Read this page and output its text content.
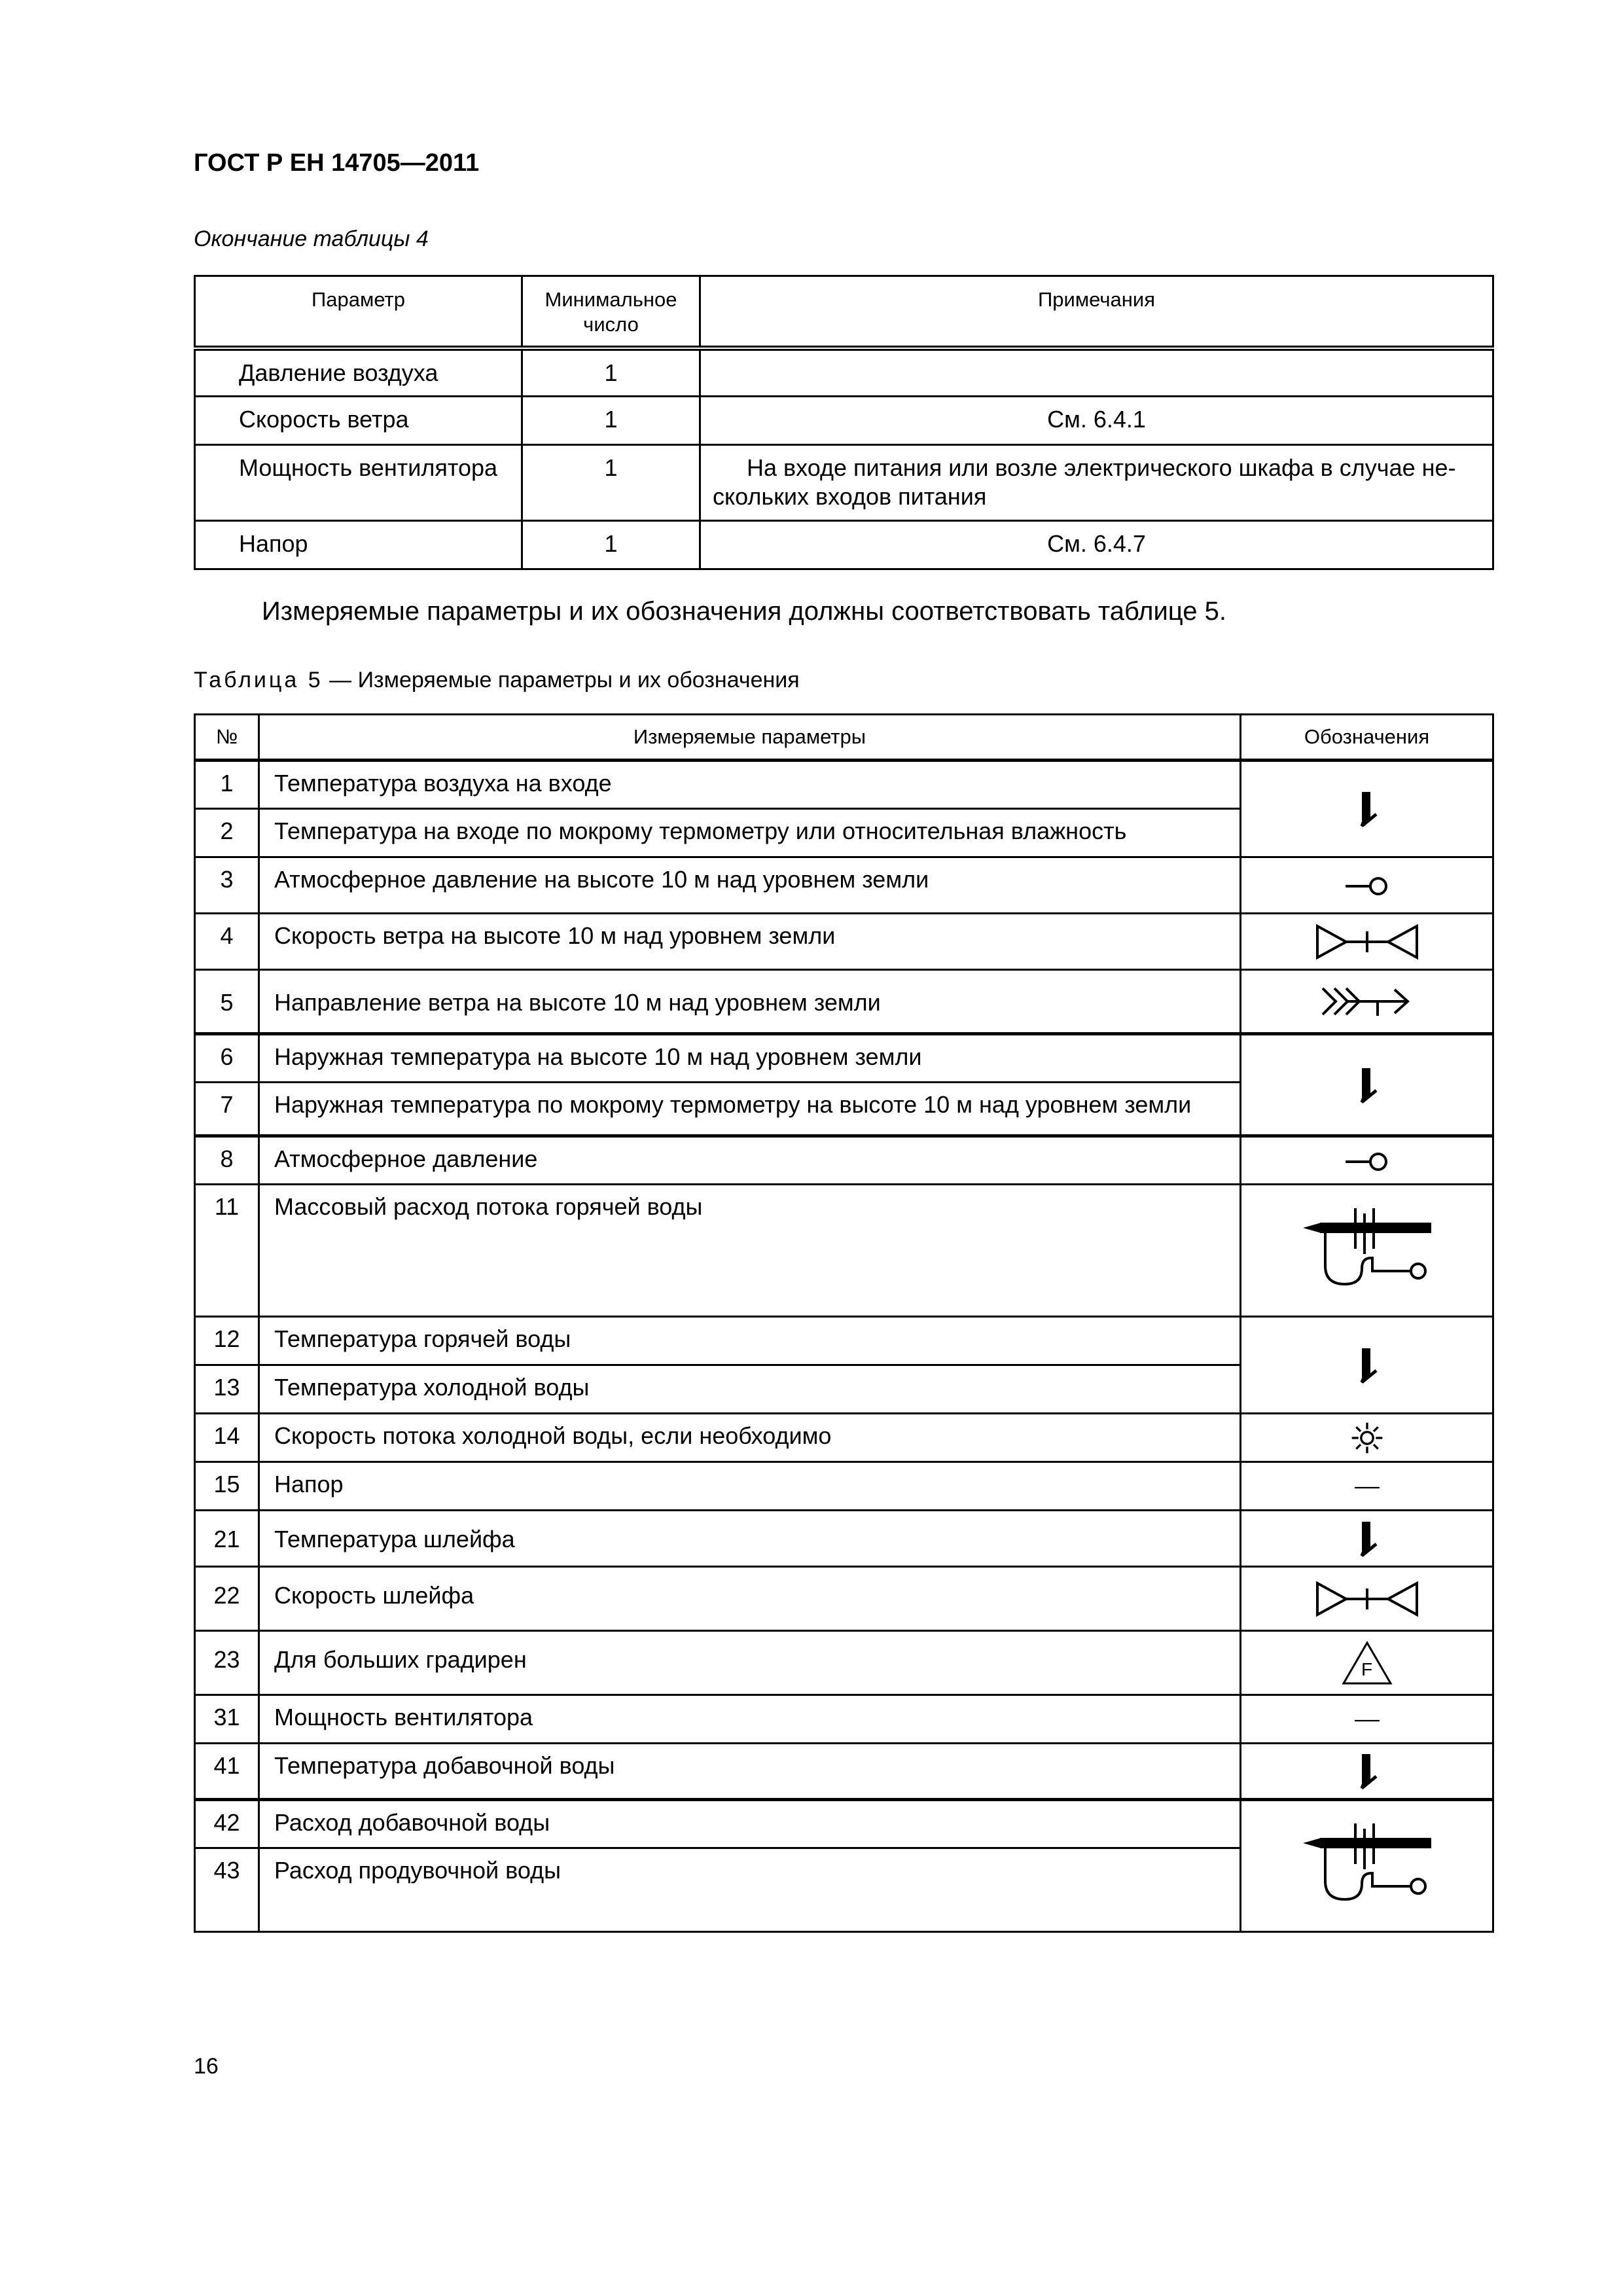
ГОСТ Р ЕН 14705—2011
Окончание таблицы 4
Параметр	Минимальное число	Примечания
Давление воздуха	1	
Скорость ветра	1	См. 6.4.1
Мощность вентилятора	1	На входе питания или возле электрического шкафа в случае не-
скольких входов питания
Напор	1	См. 6.4.7
Измеряемые параметры и их обозначения должны соответствовать таблице 5.
Таблица 5 — Измеряемые параметры и их обозначения
№	Измеряемые параметры	Обозначения
1	Температура воздуха на входе	
2	Температура на входе по мокрому термометру или относительная влажность	
3	Атмосферное давление на высоте 10 м над уровнем земли	
4	Скорость ветра на высоте 10 м над уровнем земли	
5	Направление ветра на высоте 10 м над уровнем земли	
6	Наружная температура на высоте 10 м над уровнем земли	
7	Наружная температура по мокрому термометру на высоте 10 м над уровнем земли	
8	Атмосферное давление	
11	Массовый расход потока горячей воды	
12	Температура горячей воды	
13	Температура холодной воды	
14	Скорость потока холодной воды, если необходимо	
15	Напор	
21	Температура шлейфа	
22	Скорость шлейфа	
23	Для больших градирен	F

31	Мощность вентилятора	
41	Температура добавочной воды	
42	Расход добавочной воды	
43	Расход продувочной воды	
16
